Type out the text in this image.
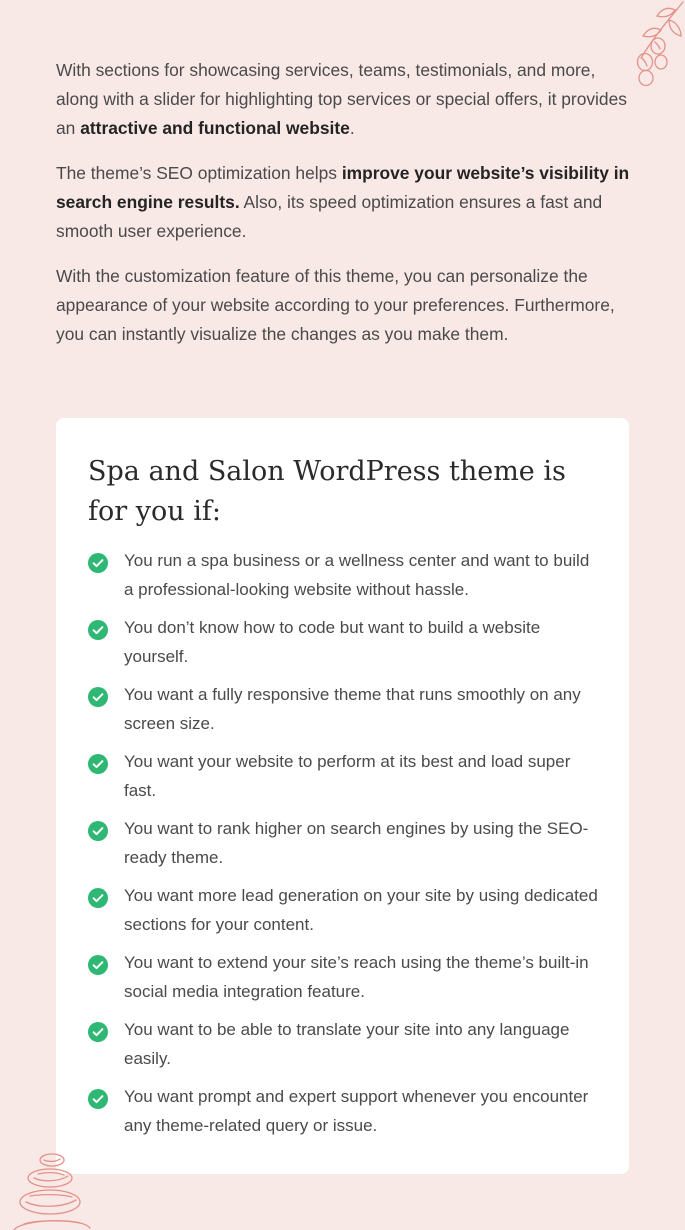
With sections for showcasing services, teams, testimonials, and more, along with a slider for highlighting top services or special offers, it provides an attractive and functional website.

The theme’s SEO optimization helps improve your website’s visibility in search engine results. Also, its speed optimization ensures a fast and smooth user experience.

With the customization feature of this theme, you can personalize the appearance of your website according to your preferences. Furthermore, you can instantly visualize the changes as you make them.

Spa and Salon WordPress theme is for you if:
You run a spa business or a wellness center and want to build a professional-looking website without hassle.
You don’t know how to code but want to build a website yourself.
You want a fully responsive theme that runs smoothly on any screen size.
You want your website to perform at its best and load super fast.
You want to rank higher on search engines by using the SEO-ready theme.
You want more lead generation on your site by using dedicated sections for your content.
You want to extend your site’s reach using the theme’s built-in social media integration feature.
You want to be able to translate your site into any language easily.
You want prompt and expert support whenever you encounter any theme-related query or issue.
